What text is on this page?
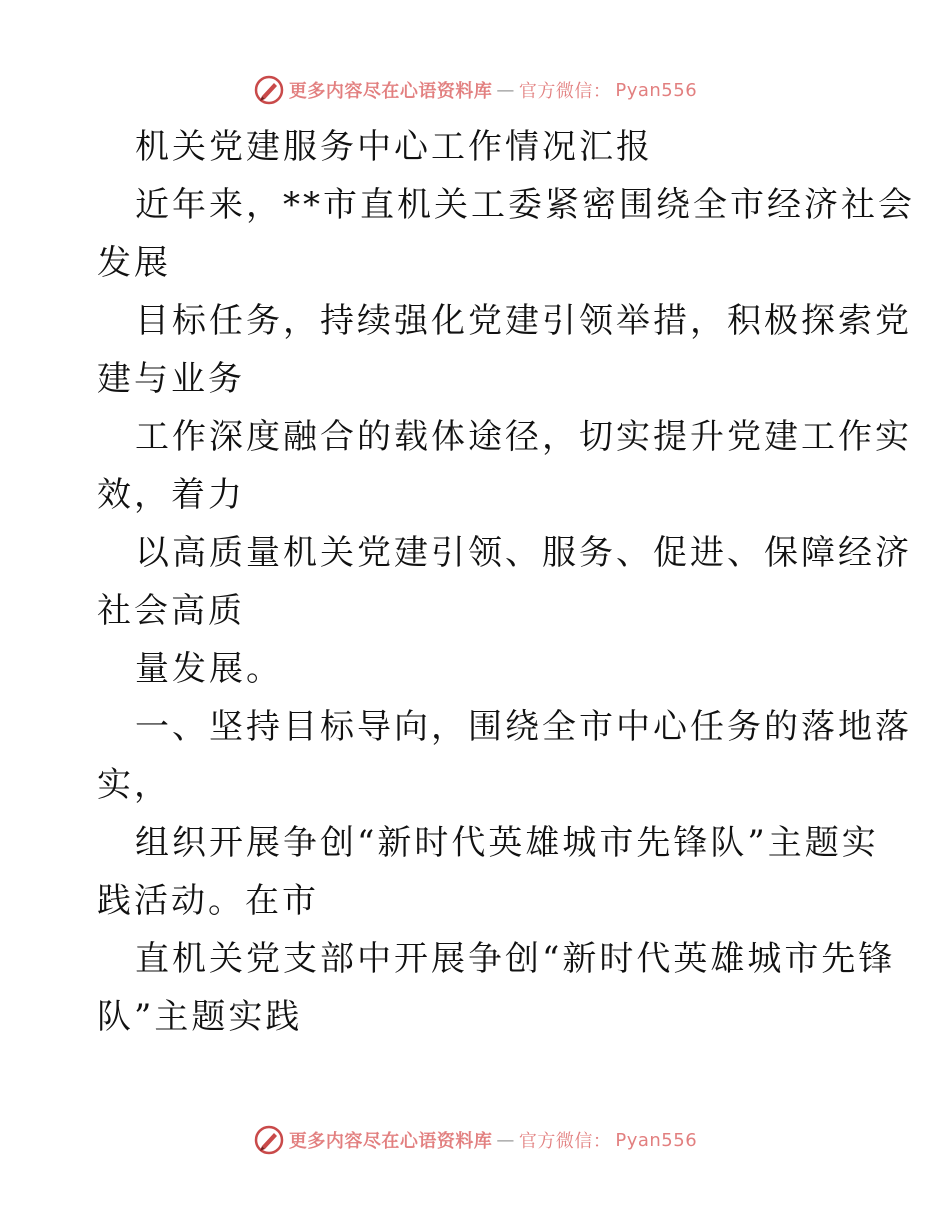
更多内容尽在心语资料库 — 官方微信： Pyan556
机关党建服务中心工作情况汇报
近年来，**市直机关工委紧密围绕全市经济社会
发展
目标任务，持续强化党建引领举措，积极探索党
建与业务
工作深度融合的载体途径，切实提升党建工作实
效，着力
以高质量机关党建引领、服务、促进、保障经济
社会高质
量发展。
一、坚持目标导向，围绕全市中心任务的落地落
实，
组织开展争创“新时代英雄城市先锋队”主题实
践活动。在市
直机关党支部中开展争创“新时代英雄城市先锋
队”主题实践
更多内容尽在心语资料库 — 官方微信： Pyan556
